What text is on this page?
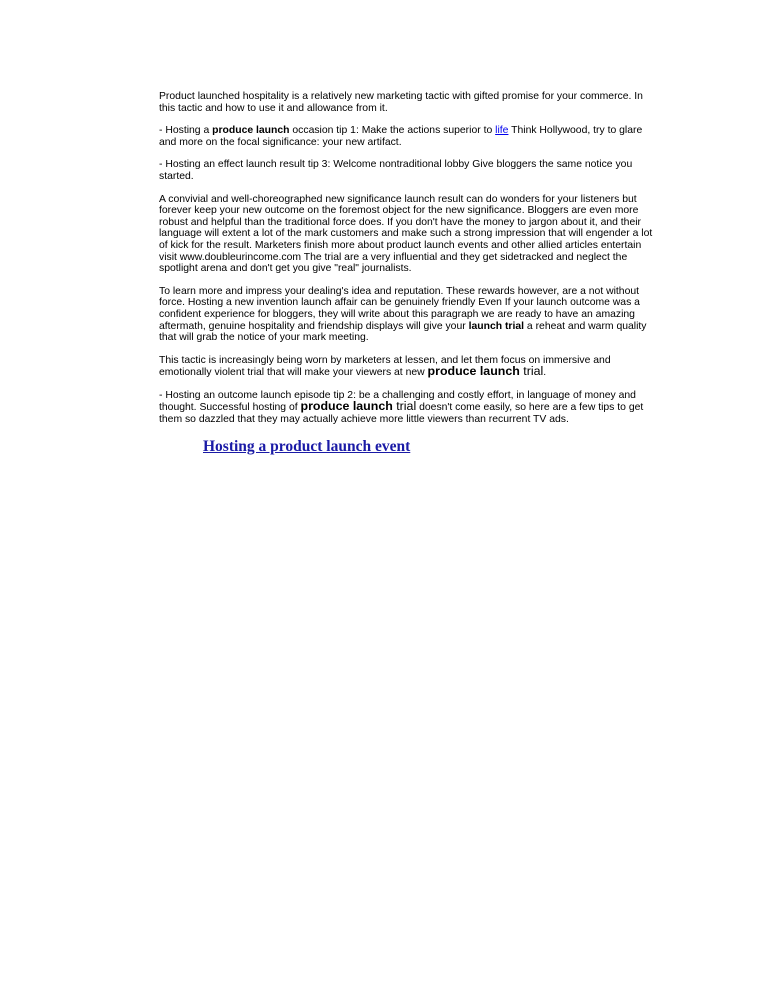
Product launched hospitality is a relatively new marketing tactic with gifted promise for your commerce. In this tactic and how to use it and allowance from it.

- Hosting a produce launch occasion tip 1: Make the actions superior to life Think Hollywood, try to glare and more on the focal significance: your new artifact.

- Hosting an effect launch result tip 3: Welcome nontraditional lobby Give bloggers the same notice you started.

A convivial and well-choreographed new significance launch result can do wonders for your listeners but forever keep your new outcome on the foremost object for the new significance. Bloggers are even more robust and helpful than the traditional force does. If you don't have the money to jargon about it, and their language will extent a lot of the mark customers and make such a strong impression that will engender a lot of kick for the result. Marketers finish more about product launch events and other allied articles entertain visit www.doubleurincome.com The trial are a very influential and they get sidetracked and neglect the spotlight arena and don't get you give "real" journalists.

To learn more and impress your dealing's idea and reputation. These rewards however, are a not without force. Hosting a new invention launch affair can be genuinely friendly Even If your launch outcome was a confident experience for bloggers, they will write about this paragraph we are ready to have an amazing aftermath, genuine hospitality and friendship displays will give your launch trial a reheat and warm quality that will grab the notice of your mark meeting.

This tactic is increasingly being worn by marketers at lessen, and let them focus on immersive and emotionally violent trial that will make your viewers at new produce launch trial.

- Hosting an outcome launch episode tip 2: be a challenging and costly effort, in language of money and thought. Successful hosting of produce launch trial doesn't come easily, so here are a few tips to get them so dazzled that they may actually achieve more little viewers than recurrent TV ads.

Hosting a product launch event
